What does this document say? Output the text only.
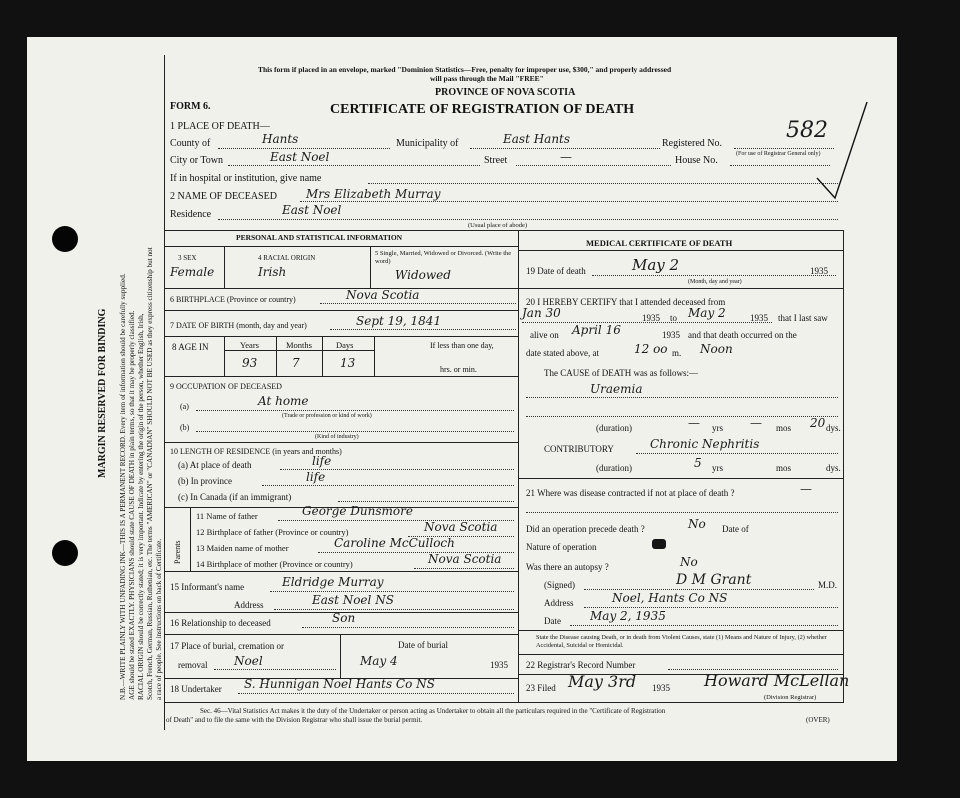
MARGIN RESERVED FOR BINDING N.B.—WRITE PLAINLY WITH UNFADING INK—THIS IS A PERMANENT RECORD. Every item of information should be carefully supplied. AGE should be stated EXACTLY. PHYSICIANS should state CAUSE OF DEATH in plain terms, so that it may be properly classified. RACIAL ORIGIN should be correctly stated; it is very important. Indicate by entering the origin of the person, whether English, Irish, Scotch, French, German, Russian, Ruthenian, etc. The terms "AMERICAN" or "CANADIAN" SHOULD NOT BE USED as they express citizenship but not a race of people. See instructions on back of Certificate.
This form if placed in an envelope, marked "Dominion Statistics—Free, penalty for improper use, $300," and properly addressed
will pass through the Mail "FREE"
PROVINCE OF NOVA SCOTIA
FORM 6.	CERTIFICATE OF REGISTRATION OF DEATH
1 PLACE OF DEATH—
County of	Hants	Municipality of	East Hants	Registered No.
582
(For use of Registrar General only)
City or Town	East Noel	Street	—	House No.
If in hospital or institution, give name
2 NAME OF DECEASED Mrs Elizabeth Murray
Residence	East Noel
(Usual place of abode)
PERSONAL AND STATISTICAL INFORMATION
3 SEX
Female
4 RACIAL ORIGIN
Irish
5 Single, Married, Widowed or Divorced. (Write the word)
Widowed
6 BIRTHPLACE (Province or country)	Nova Scotia
7 DATE OF BIRTH (month, day and year)	Sept 19, 1841
8 AGE IN	Years	Months	Days
93	7	13
If less than one day,
hrs. or min.
9 OCCUPATION OF DECEASED
(a)	At home
(Trade or profession or kind of work)
(b)
(Kind of industry)
10 LENGTH OF RESIDENCE (in years and months)
(a) At place of death	life
(b) In province	life
(c) In Canada (if an immigrant)
Parents
11 Name of father	George Dunsmore
12 Birthplace of father (Province or country)	Nova Scotia
13 Maiden name of mother	Caroline McCulloch
14 Birthplace of mother (Province or country)	Nova Scotia
15 Informant's name	Eldridge Murray
Address	East Noel NS
16 Relationship to deceased	Son
17 Place of burial, cremation or	Date of burial
removal Noel	May 4	1935
18 Undertaker S. Hunnigan Noel Hants Co NS
MEDICAL CERTIFICATE OF DEATH
19 Date of death	May 2	1935
(Month, day and year)
20 I HEREBY CERTIFY that I attended deceased from
Jan 30	1935 to May 2	1935 that I last saw
alive on April 16	1935 and that death occurred on the
date stated above, at	12 oo m. Noon
The CAUSE of DEATH was as follows:—
Uraemia
(duration)	— yrs — mos 20 dys.
CONTRIBUTORY	Chronic Nephritis
(duration)	5 yrs	mos	dys.
21 Where was disease contracted if not at place of death ?	—
Did an operation precede death ?	No Date of
Nature of operation
Was there an autopsy ?	No
(Signed)	D M Grant	M.D.
Address	Noel, Hants Co NS
Date May 2, 1935
State the Disease causing Death, or in death from Violent Causes, state (1) Means and Nature of Injury, (2) whether Accidental, Suicidal or Homicidal.
22 Registrar's Record Number
23 Filed May 3rd 1935 Howard McLellan
(Division Registrar)
Sec. 46—Vital Statistics Act makes it the duty of the Undertaker or person acting as Undertaker to obtain all the particulars required in the "Certificate of Registration
of Death" and to file the same with the Division Registrar who shall issue the burial permit.	(OVER)
